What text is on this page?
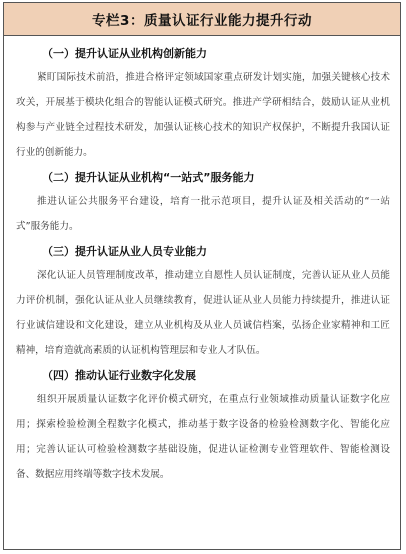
专栏3：质量认证行业能力提升行动
（一）提升认证从业机构创新能力

紧盯国际技术前沿，推进合格评定领域国家重点研发计划实施，加强关键核心技术攻关，开展基于模块化组合的智能认证模式研究。推进产学研相结合，鼓励认证从业机构参与产业链全过程技术研发，加强认证核心技术的知识产权保护，不断提升我国认证行业的创新能力。

（二）提升认证从业机构“一站式”服务能力

推进认证公共服务平台建设，培育一批示范项目，提升认证及相关活动的“一站式”服务能力。

（三）提升认证从业人员专业能力

深化认证人员管理制度改革，推动建立自愿性人员认证制度，完善认证从业人员能力评价机制，强化认证从业人员继续教育，促进认证从业人员能力持续提升，推进认证行业诚信建设和文化建设，建立从业机构及从业人员诚信档案，弘扬企业家精神和工匠精神，培育造就高素质的认证机构管理层和专业人才队伍。

（四）推动认证行业数字化发展

组织开展质量认证数字化评价模式研究，在重点行业领域推动质量认证数字化应用；探索检验检测全程数字化模式，推动基于数字设备的检验检测数字化、智能化应用；完善认证认可检验检测数字基础设施，促进认证检测专业管理软件、智能检测设备、数据应用终端等数字技术发展。
